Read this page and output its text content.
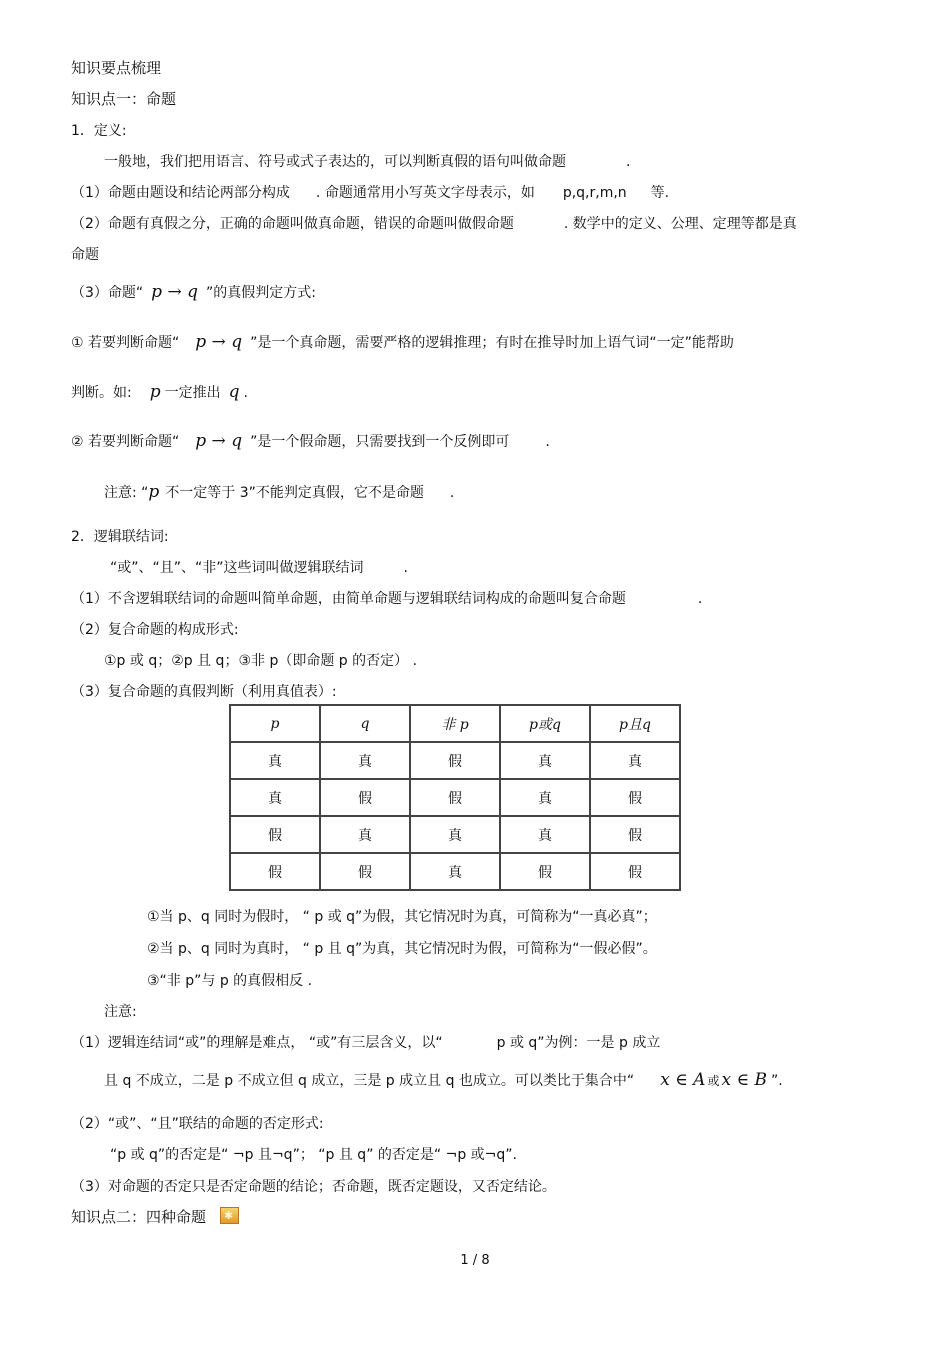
知识要点梳理
知识点一：命题
1．定义:
一般地，我们把用语言、符号或式子表达的，可以判断真假的语句叫做命题	.
（1）命题由题设和结论两部分构成 . 命题通常用小写英文字母表示，如 p,q,r,m,n 等.
（2）命题有真假之分，正确的命题叫做真命题，错误的命题叫做假命题	. 数学中的定义、公理、定理等都是真
命题
（3）命题“ p → q ”的真假判定方式:
① 若要判断命题“ p → q ”是一个真命题，需要严格的逻辑推理；有时在推导时加上语气词“一定”能帮助
判断。如: p 一定推出 q .
② 若要判断命题“ p → q ”是一个假命题，只需要找到一个反例即可	.
注意: “p 不一定等于 3”不能判定真假，它不是命题 .
2．逻辑联结词:
“或”、“且”、“非”这些词叫做逻辑联结词	.
（1）不含逻辑联结词的命题叫简单命题，由简单命题与逻辑联结词构成的命题叫复合命题	.
（2）复合命题的构成形式:
①p 或 q；②p 且 q；③非 p（即命题 p 的否定） .
（3）复合命题的真假判断（利用真值表）:
p	q	非 p	p或q	p且q
真	真	假	真	真
真	假	假	真	假
假	真	真	真	假
假	假	真	假	假
①当 p、q 同时为假时， “ p 或 q”为假，其它情况时为真，可简称为“一真必真”；
②当 p、q 同时为真时， “ p 且 q”为真，其它情况时为假，可简称为“一假必假”。
③“非 p”与 p 的真假相反 .
注意:
（1）逻辑连结词“或”的理解是难点， “或”有三层含义，以“	p 或 q”为例：一是 p 成立
且 q 不成立，二是 p 不成立但 q 成立，三是 p 成立且 q 也成立。可以类比于集合中“ x ∈ A 或 x ∈ B ”.
（2）“或”、“且”联结的命题的否定形式:
“p 或 q”的否定是“ ¬p 且¬q”； “p 且 q” 的否定是“ ¬p 或¬q”.
（3）对命题的否定只是否定命题的结论；否命题，既否定题设，又否定结论。
知识点二：四种命题✱
1 / 8
